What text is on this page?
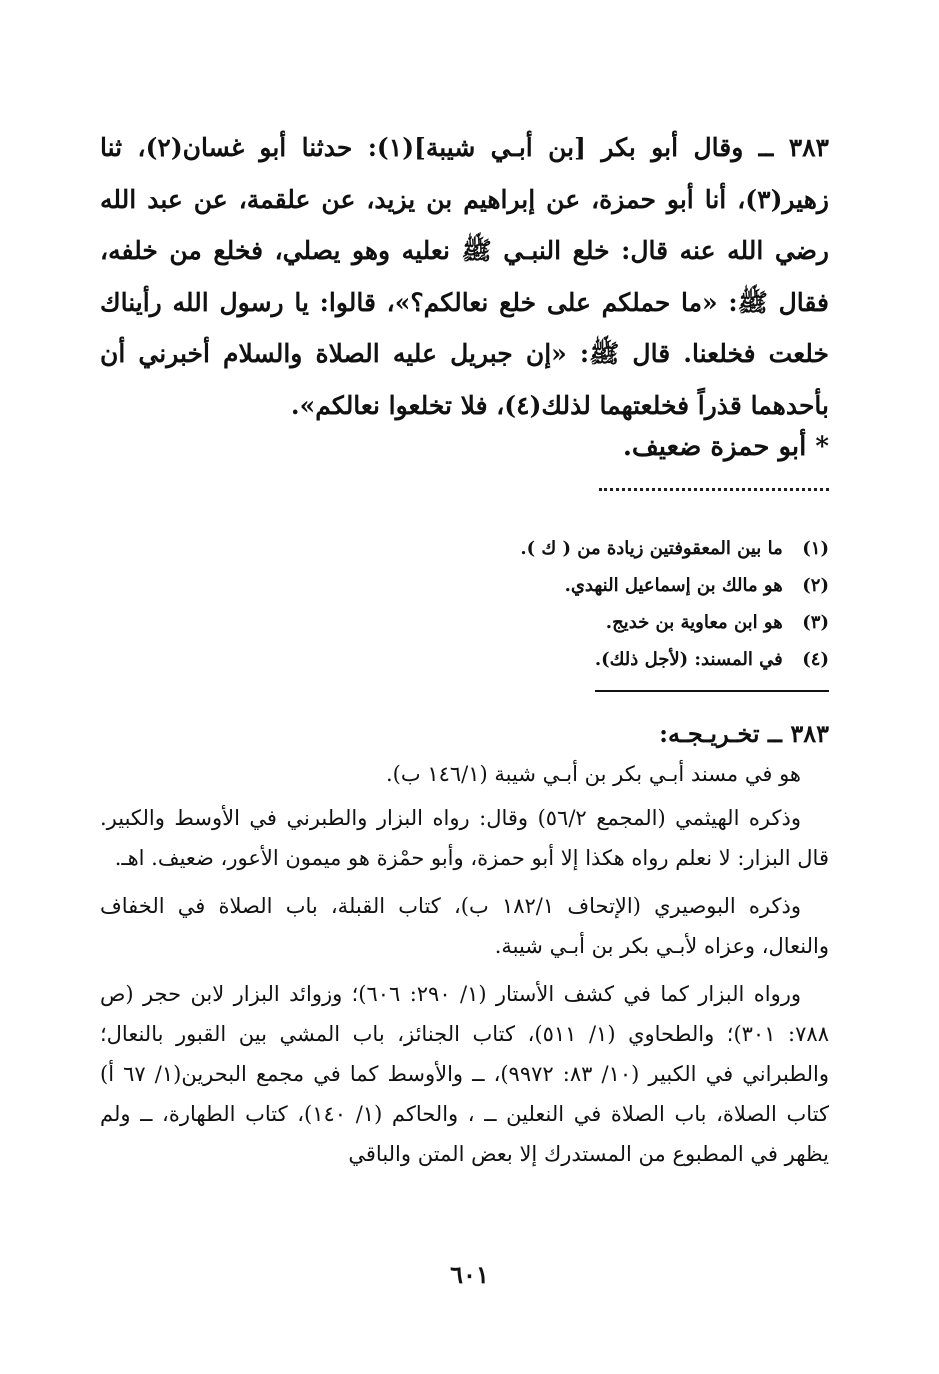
٣٨٣ ــ وقال أبو بكر [بن أبـي شيبة](١): حدثنا أبو غسان(٢)، ثنا زهير(٣)، أنا أبو حمزة، عن إبراهيم بن يزيد، عن علقمة، عن عبد الله رضي الله عنه قال: خلع النبـي ﷺ نعليه وهو يصلي، فخلع من خلفه، فقال ﷺ: «ما حملكم على خلع نعالكم؟»، قالوا: يا رسول الله رأيناك خلعت فخلعنا. قال ﷺ: «إن جبريل عليه الصلاة والسلام أخبرني أن بأحدهما قذراً فخلعتهما لذلك(٤)، فلا تخلعوا نعالكم».

* أبو حمزة ضعيف.
(١) ما بين المعقوفتين زيادة من ( ك ).
(٢) هو مالك بن إسماعيل النهدي.
(٣) هو ابن معاوية بن خديج.
(٤) في المسند: (لأجل ذلك).
٣٨٣ ــ تخـريـجـه:

هو في مسند أبـي بكر بن أبـي شيبة (١٤٦/١ ب).

وذكره الهيثمي (المجمع ٥٦/٢) وقال: رواه البزار والطبرني في الأوسط والكبير. قال البزار: لا نعلم رواه هكذا إلا أبو حمزة، وأبو حمْزة هو ميمون الأعور، ضعيف. اهـ.

وذكره البوصيري (الإتحاف ١٨٢/١ ب)، كتاب القبلة، باب الصلاة في الخفاف والنعال، وعزاه لأبـي بكر بن أبـي شيبة.

ورواه البزار كما في كشف الأستار (١/ ٢٩٠: ٦٠٦)؛ وزوائد البزار لابن حجر (ص ٧٨٨: ٣٠١)؛ والطحاوي (١/ ٥١١)، كتاب الجنائز، باب المشي بين القبور بالنعال؛ والطبراني في الكبير (١٠/ ٨٣: ٩٩٧٢)، ــ والأوسط كما في مجمع البحرين(١/ ٦٧ أ) كتاب الصلاة، باب الصلاة في النعلين ــ ، والحاكم (١/ ١٤٠)، كتاب الطهارة، ــ ولم يظهر في المطبوع من المستدرك إلا بعض المتن والباقي

٦٠١
